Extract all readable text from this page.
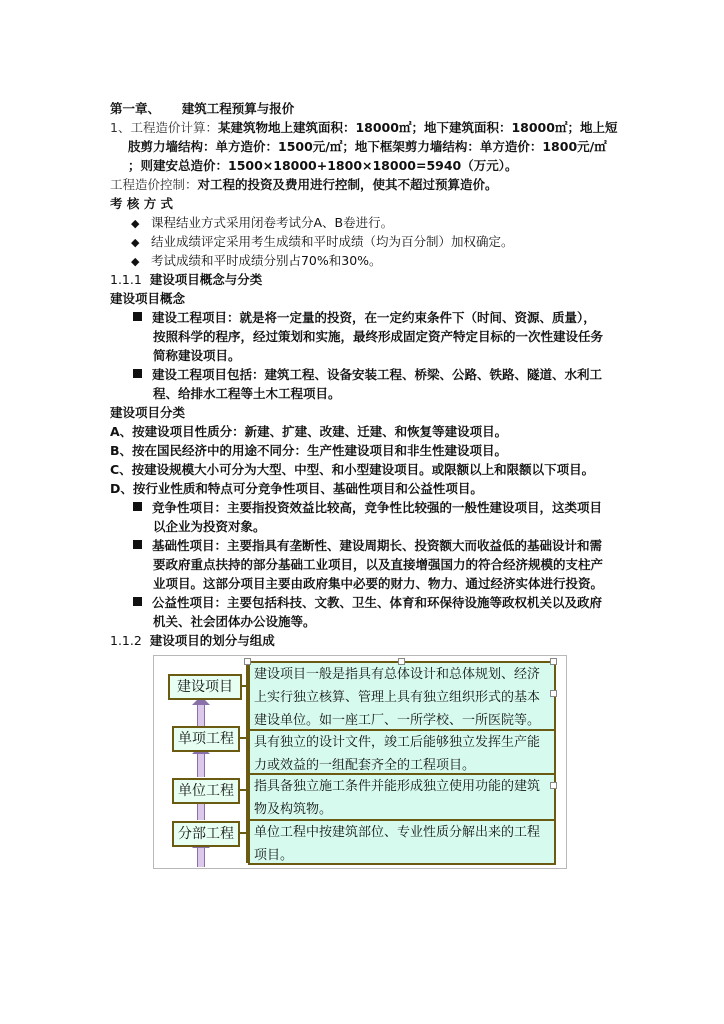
第一章、 建筑工程预算与报价
1、工程造价计算：某建筑物地上建筑面积：18000㎡；地下建筑面积：18000㎡；地上短
肢剪力墙结构：单方造价：1500元/㎡；地下框架剪力墙结构：单方造价：1800元/㎡
；则建安总造价：1500×18000+1800×18000=5940（万元）。
工程造价控制：对工程的投资及费用进行控制，使其不超过预算造价。
考 核 方 式
◆ 课程结业方式采用闭卷考试分A、B卷进行。
◆ 结业成绩评定采用考生成绩和平时成绩（均为百分制）加权确定。
◆ 考试成绩和平时成绩分别占70%和30%。
1.1.1 建设项目概念与分类
建设项目概念
建设工程项目：就是将一定量的投资，在一定约束条件下（时间、资源、质量），
按照科学的程序，经过策划和实施，最终形成固定资产特定目标的一次性建设任务
简称建设项目。
建设工程项目包括：建筑工程、设备安装工程、桥梁、公路、铁路、隧道、水利工
程、给排水工程等土木工程项目。
建设项目分类
A、按建设项目性质分：新建、扩建、改建、迁建、和恢复等建设项目。
B、按在国民经济中的用途不同分：生产性建设项目和非生性建设项目。
C、按建设规模大小可分为大型、中型、和小型建设项目。或限额以上和限额以下项目。
D、按行业性质和特点可分竞争性项目、基础性项目和公益性项目。
竞争性项目：主要指投资效益比较高，竞争性比较强的一般性建设项目，这类项目
以企业为投资对象。
基础性项目：主要指具有垄断性、建设周期长、投资额大而收益低的基础设计和需
要政府重点扶持的部分基础工业项目，以及直接增强国力的符合经济规模的支柱产
业项目。这部分项目主要由政府集中必要的财力、物力、通过经济实体进行投资。
公益性项目：主要包括科技、文教、卫生、体育和环保待设施等政权机关以及政府
机关、社会团体办公设施等。
1.1.2 建设项目的划分与组成
建设项目
单项工程
单位工程
分部工程
建设项目一般是指具有总体设计和总体规划、经济上实行独立核算、管理上具有独立组织形式的基本建设单位。如一座工厂、一所学校、一所医院等。
具有独立的设计文件，竣工后能够独立发挥生产能力或效益的一组配套齐全的工程项目。
指具备独立施工条件并能形成独立使用功能的建筑物及构筑物。
单位工程中按建筑部位、专业性质分解出来的工程项目。
